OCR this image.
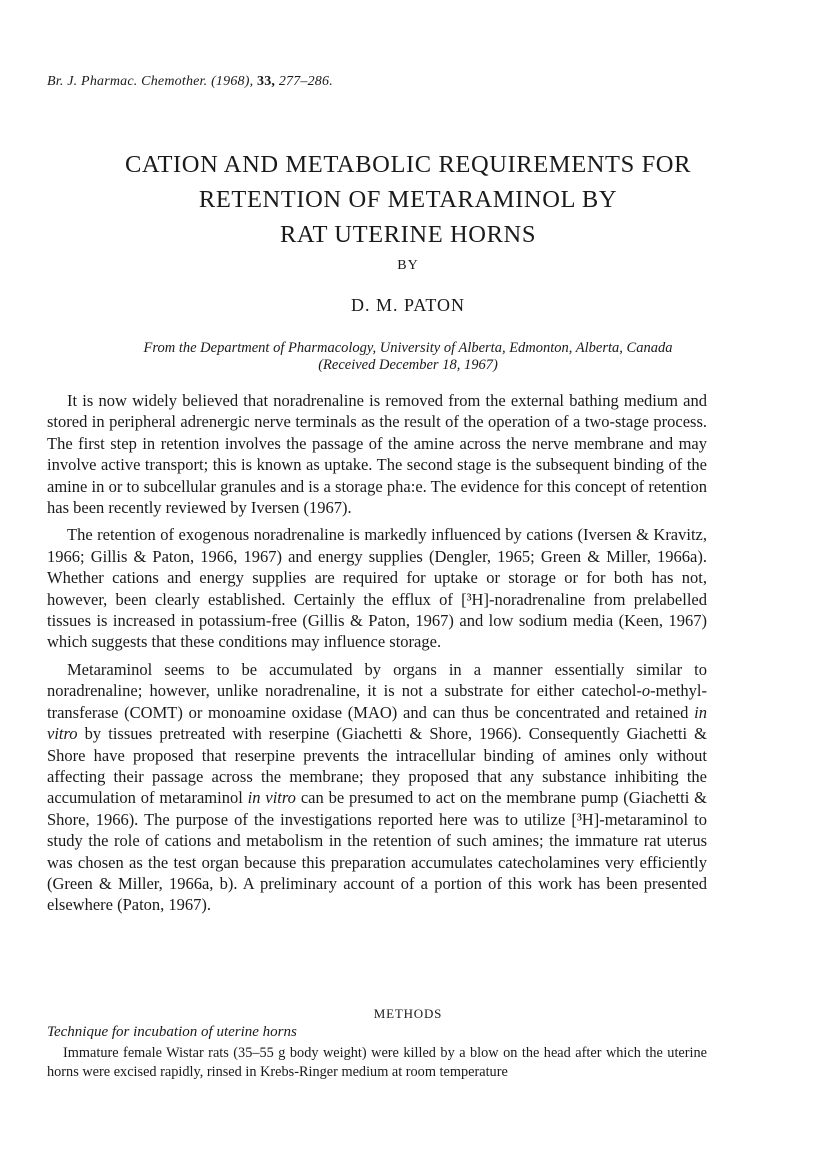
Br. J. Pharmac. Chemother. (1968), 33, 277–286.
CATION AND METABOLIC REQUIREMENTS FOR
RETENTION OF METARAMINOL BY
RAT UTERINE HORNS
BY
D. M. PATON
From the Department of Pharmacology, University of Alberta, Edmonton, Alberta, Canada
(Received December 18, 1967)

It is now widely believed that noradrenaline is removed from the external bathing medium and stored in peripheral adrenergic nerve terminals as the result of the operation of a two-stage process. The first step in retention involves the passage of the amine across the nerve membrane and may involve active transport; this is known as uptake. The second stage is the subsequent binding of the amine in or to subcellular granules and is a storage pha:e. The evidence for this concept of retention has been recently reviewed by Iversen (1967).

The retention of exogenous noradrenaline is markedly influenced by cations (Iversen & Kravitz, 1966; Gillis & Paton, 1966, 1967) and energy supplies (Dengler, 1965; Green & Miller, 1966a). Whether cations and energy supplies are required for uptake or storage or for both has not, however, been clearly established. Certainly the efflux of [³H]-noradrenaline from prelabelled tissues is increased in potassium-free (Gillis & Paton, 1967) and low sodium media (Keen, 1967) which suggests that these conditions may influence storage.

Metaraminol seems to be accumulated by organs in a manner essentially similar to noradrenaline; however, unlike noradrenaline, it is not a substrate for either catechol-o-methyl-transferase (COMT) or monoamine oxidase (MAO) and can thus be concentrated and retained in vitro by tissues pretreated with reserpine (Giachetti & Shore, 1966). Consequently Giachetti & Shore have proposed that reserpine prevents the intracellular binding of amines only without affecting their passage across the membrane; they proposed that any substance inhibiting the accumulation of metaraminol in vitro can be presumed to act on the membrane pump (Giachetti & Shore, 1966). The purpose of the investigations reported here was to utilize [³H]-metaraminol to study the role of cations and metabolism in the retention of such amines; the immature rat uterus was chosen as the test organ because this preparation accumulates catecholamines very efficiently (Green & Miller, 1966a, b). A preliminary account of a portion of this work has been presented elsewhere (Paton, 1967).

METHODS
Technique for incubation of uterine horns

Immature female Wistar rats (35–55 g body weight) were killed by a blow on the head after which the uterine horns were excised rapidly, rinsed in Krebs-Ringer medium at room temperature
